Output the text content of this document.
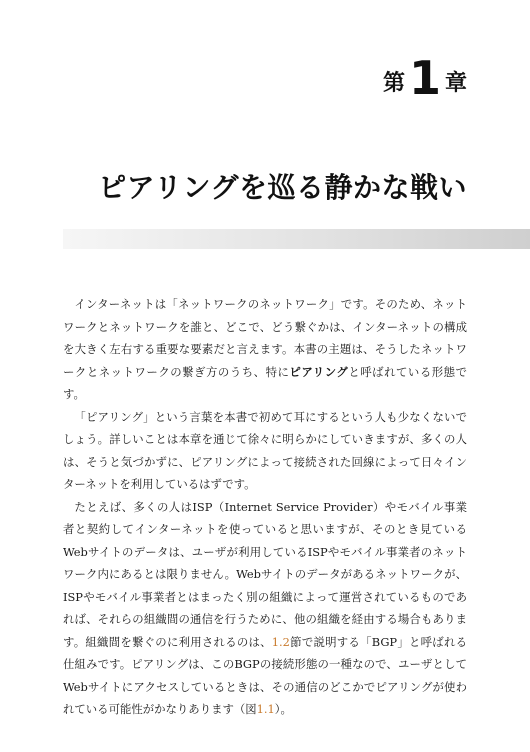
第 1 章
ピアリングを巡る静かな戦い

インターネットは「ネットワークのネットワーク」です。そのため、ネットワークとネットワークを誰と、どこで、どう繋ぐかは、インターネットの構成を大きく左右する重要な要素だと言えます。本書の主題は、そうしたネットワークとネットワークの繋ぎ方のうち、特にピアリングと呼ばれている形態です。

「ピアリング」という言葉を本書で初めて耳にするという人も少なくないでしょう。詳しいことは本章を通じて徐々に明らかにしていきますが、多くの人は、そうと気づかずに、ピアリングによって接続された回線によって日々インターネットを利用しているはずです。

たとえば、多くの人はISP（Internet Service Provider）やモバイル事業者と契約してインターネットを使っていると思いますが、そのとき見ているWebサイトのデータは、ユーザが利用しているISPやモバイル事業者のネットワーク内にあるとは限りません。Webサイトのデータがあるネットワークが、ISPやモバイル事業者とはまったく別の組織によって運営されているものであれば、それらの組織間の通信を行うために、他の組織を経由する場合もあります。組織間を繋ぐのに利用されるのは、1.2節で説明する「BGP」と呼ばれる仕組みです。ピアリングは、このBGPの接続形態の一種なので、ユーザとしてWebサイトにアクセスしているときは、その通信のどこかでピアリングが使われている可能性がかなりあります（図1.1）。
